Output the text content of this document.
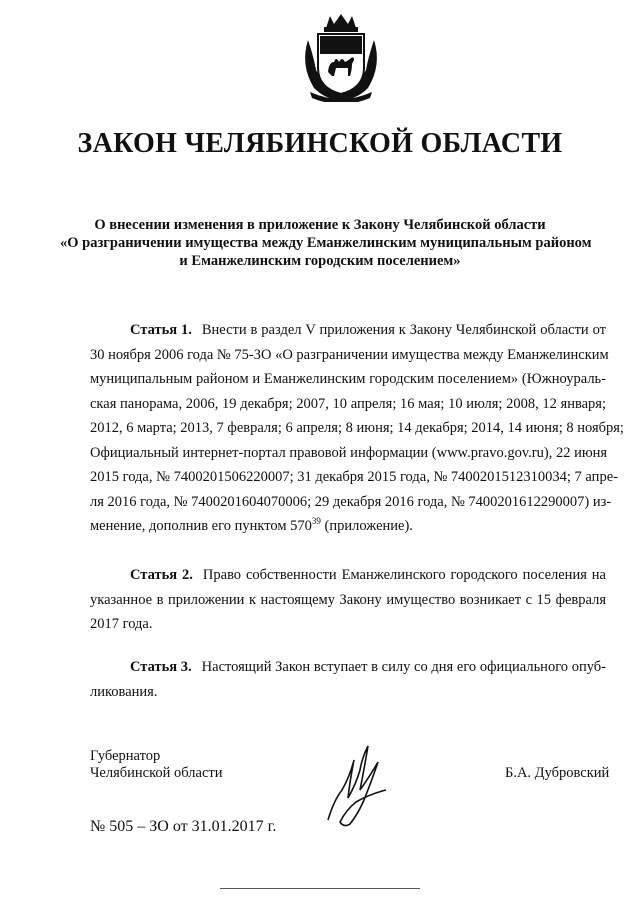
ЗАКОН ЧЕЛЯБИНСКОЙ ОБЛАСТИ
О внесении изменения в приложение к Закону Челябинской области
«О разграничении имущества между Еманжелинским муниципальным районом
и Еманжелинским городским поселением»
Статья 1. Внести в раздел V приложения к Закону Челябинской области от
30 ноября 2006 года № 75-ЗО «О разграничении имущества между Еманжелинским
муниципальным районом и Еманжелинским городским поселением» (Южноураль-
ская панорама, 2006, 19 декабря; 2007, 10 апреля; 16 мая; 10 июля; 2008, 12 января;
2012, 6 марта; 2013, 7 февраля; 6 апреля; 8 июня; 14 декабря; 2014, 14 июня; 8 ноября;
Официальный интернет-портал правовой информации (www.pravo.gov.ru), 22 июня
2015 года, № 7400201506220007; 31 декабря 2015 года, № 7400201512310034; 7 апре-
ля 2016 года, № 7400201604070006; 29 декабря 2016 года, № 7400201612290007) из-
менение, дополнив его пунктом $570^{39}$ (приложение).
Статья 2. Право собственности Еманжелинского городского поселения на
указанное в приложении к настоящему Закону имущество возникает с 15 февраля
2017 года.
Статья 3. Настоящий Закон вступает в силу со дня его официального опуб-
ликования.
Губернатор
Челябинской области	Б.А. Дубровский
№ 505 – ЗО от 31.01.2017 г.
